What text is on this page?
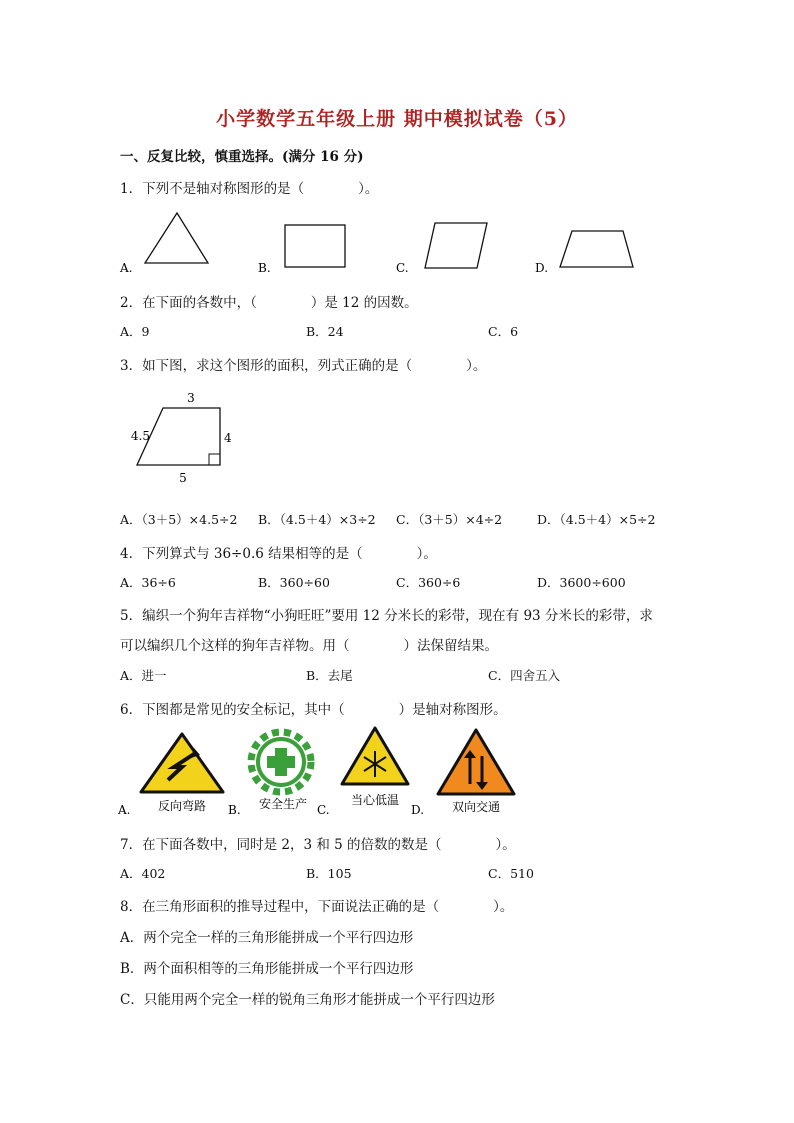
小学数学五年级上册 期中模拟试卷（5）
一、反复比较，慎重选择。(满分 16 分)
1．下列不是轴对称图形的是（　　　　）。
A.	B.	C.	D.
2．在下面的各数中，（　　　　）是 12 的因数。
A．9	B．24	C．6
3．如下图，求这个图形的面积，列式正确的是（　　　　）。
3
4.5	4
5
A．（3＋5）×4.5÷2 B．（4.5＋4）×3÷2 C．（3＋5）×4÷2	D．（4.5＋4）×5÷2
4．下列算式与 36÷0.6 结果相等的是（　　　　）。
A．36÷6	B．360÷60	C．360÷6	D．3600÷600
5．编织一个狗年吉祥物“小狗旺旺”要用 12 分米长的彩带，现在有 93 分米长的彩带，求
可以编织几个这样的狗年吉祥物。用（　　　　）法保留结果。
A．进一	B．去尾	C．四舍五入
6．下图都是常见的安全标记，其中（　　　　）是轴对称图形。
A. 反向弯路 B. 安全生产 C.
当心低温
D. 双向交通
7．在下面各数中，同时是 2，3 和 5 的倍数的数是（　　　　）。
A．402	B．105	C．510
8．在三角形面积的推导过程中，下面说法正确的是（　　　　）。
A．两个完全一样的三角形能拼成一个平行四边形
B．两个面积相等的三角形能拼成一个平行四边形
C．只能用两个完全一样的锐角三角形才能拼成一个平行四边形
